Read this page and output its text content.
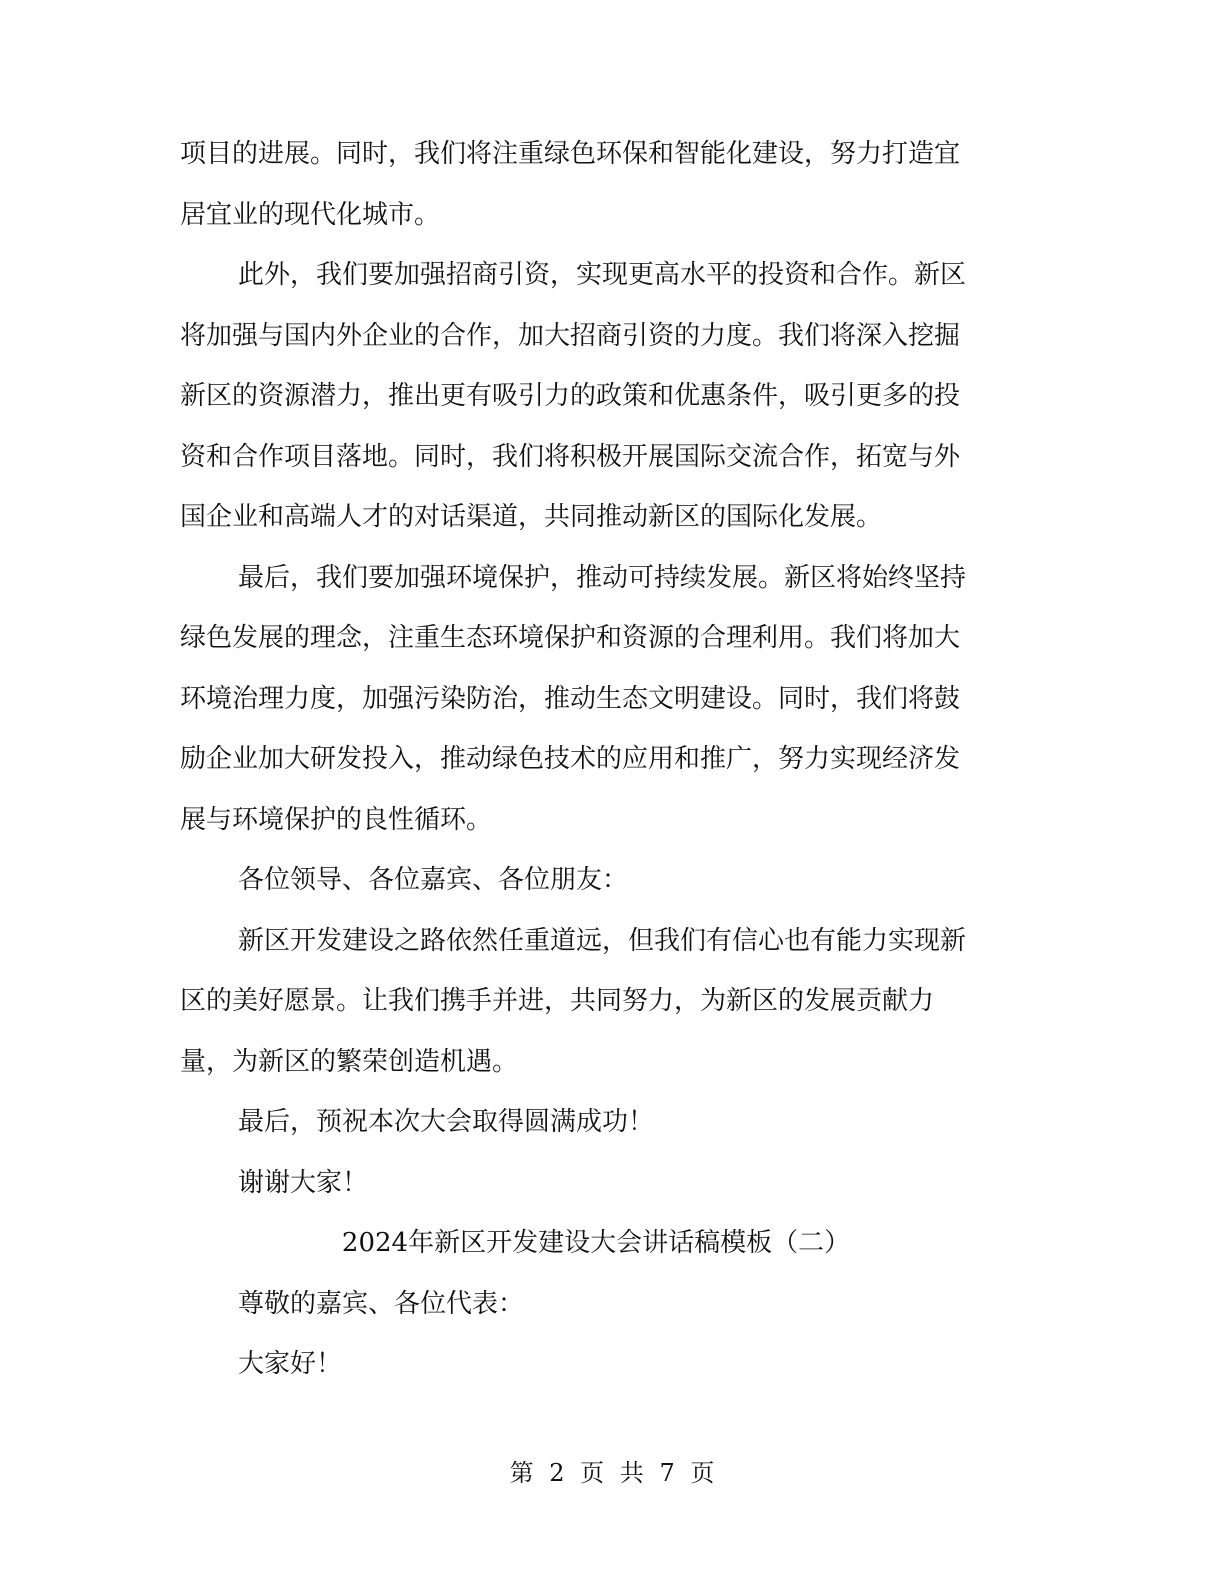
项目的进展。同时，我们将注重绿色环保和智能化建设，努力打造宜
居宜业的现代化城市。
此外，我们要加强招商引资，实现更高水平的投资和合作。新区
将加强与国内外企业的合作，加大招商引资的力度。我们将深入挖掘
新区的资源潜力，推出更有吸引力的政策和优惠条件，吸引更多的投
资和合作项目落地。同时，我们将积极开展国际交流合作，拓宽与外
国企业和高端人才的对话渠道，共同推动新区的国际化发展。
最后，我们要加强环境保护，推动可持续发展。新区将始终坚持
绿色发展的理念，注重生态环境保护和资源的合理利用。我们将加大
环境治理力度，加强污染防治，推动生态文明建设。同时，我们将鼓
励企业加大研发投入，推动绿色技术的应用和推广，努力实现经济发
展与环境保护的良性循环。
各位领导、各位嘉宾、各位朋友：
新区开发建设之路依然任重道远，但我们有信心也有能力实现新
区的美好愿景。让我们携手并进，共同努力，为新区的发展贡献力
量，为新区的繁荣创造机遇。
最后，预祝本次大会取得圆满成功！
谢谢大家！
2024年新区开发建设大会讲话稿模板（二）
尊敬的嘉宾、各位代表：
大家好！
第 2 页 共 7 页
